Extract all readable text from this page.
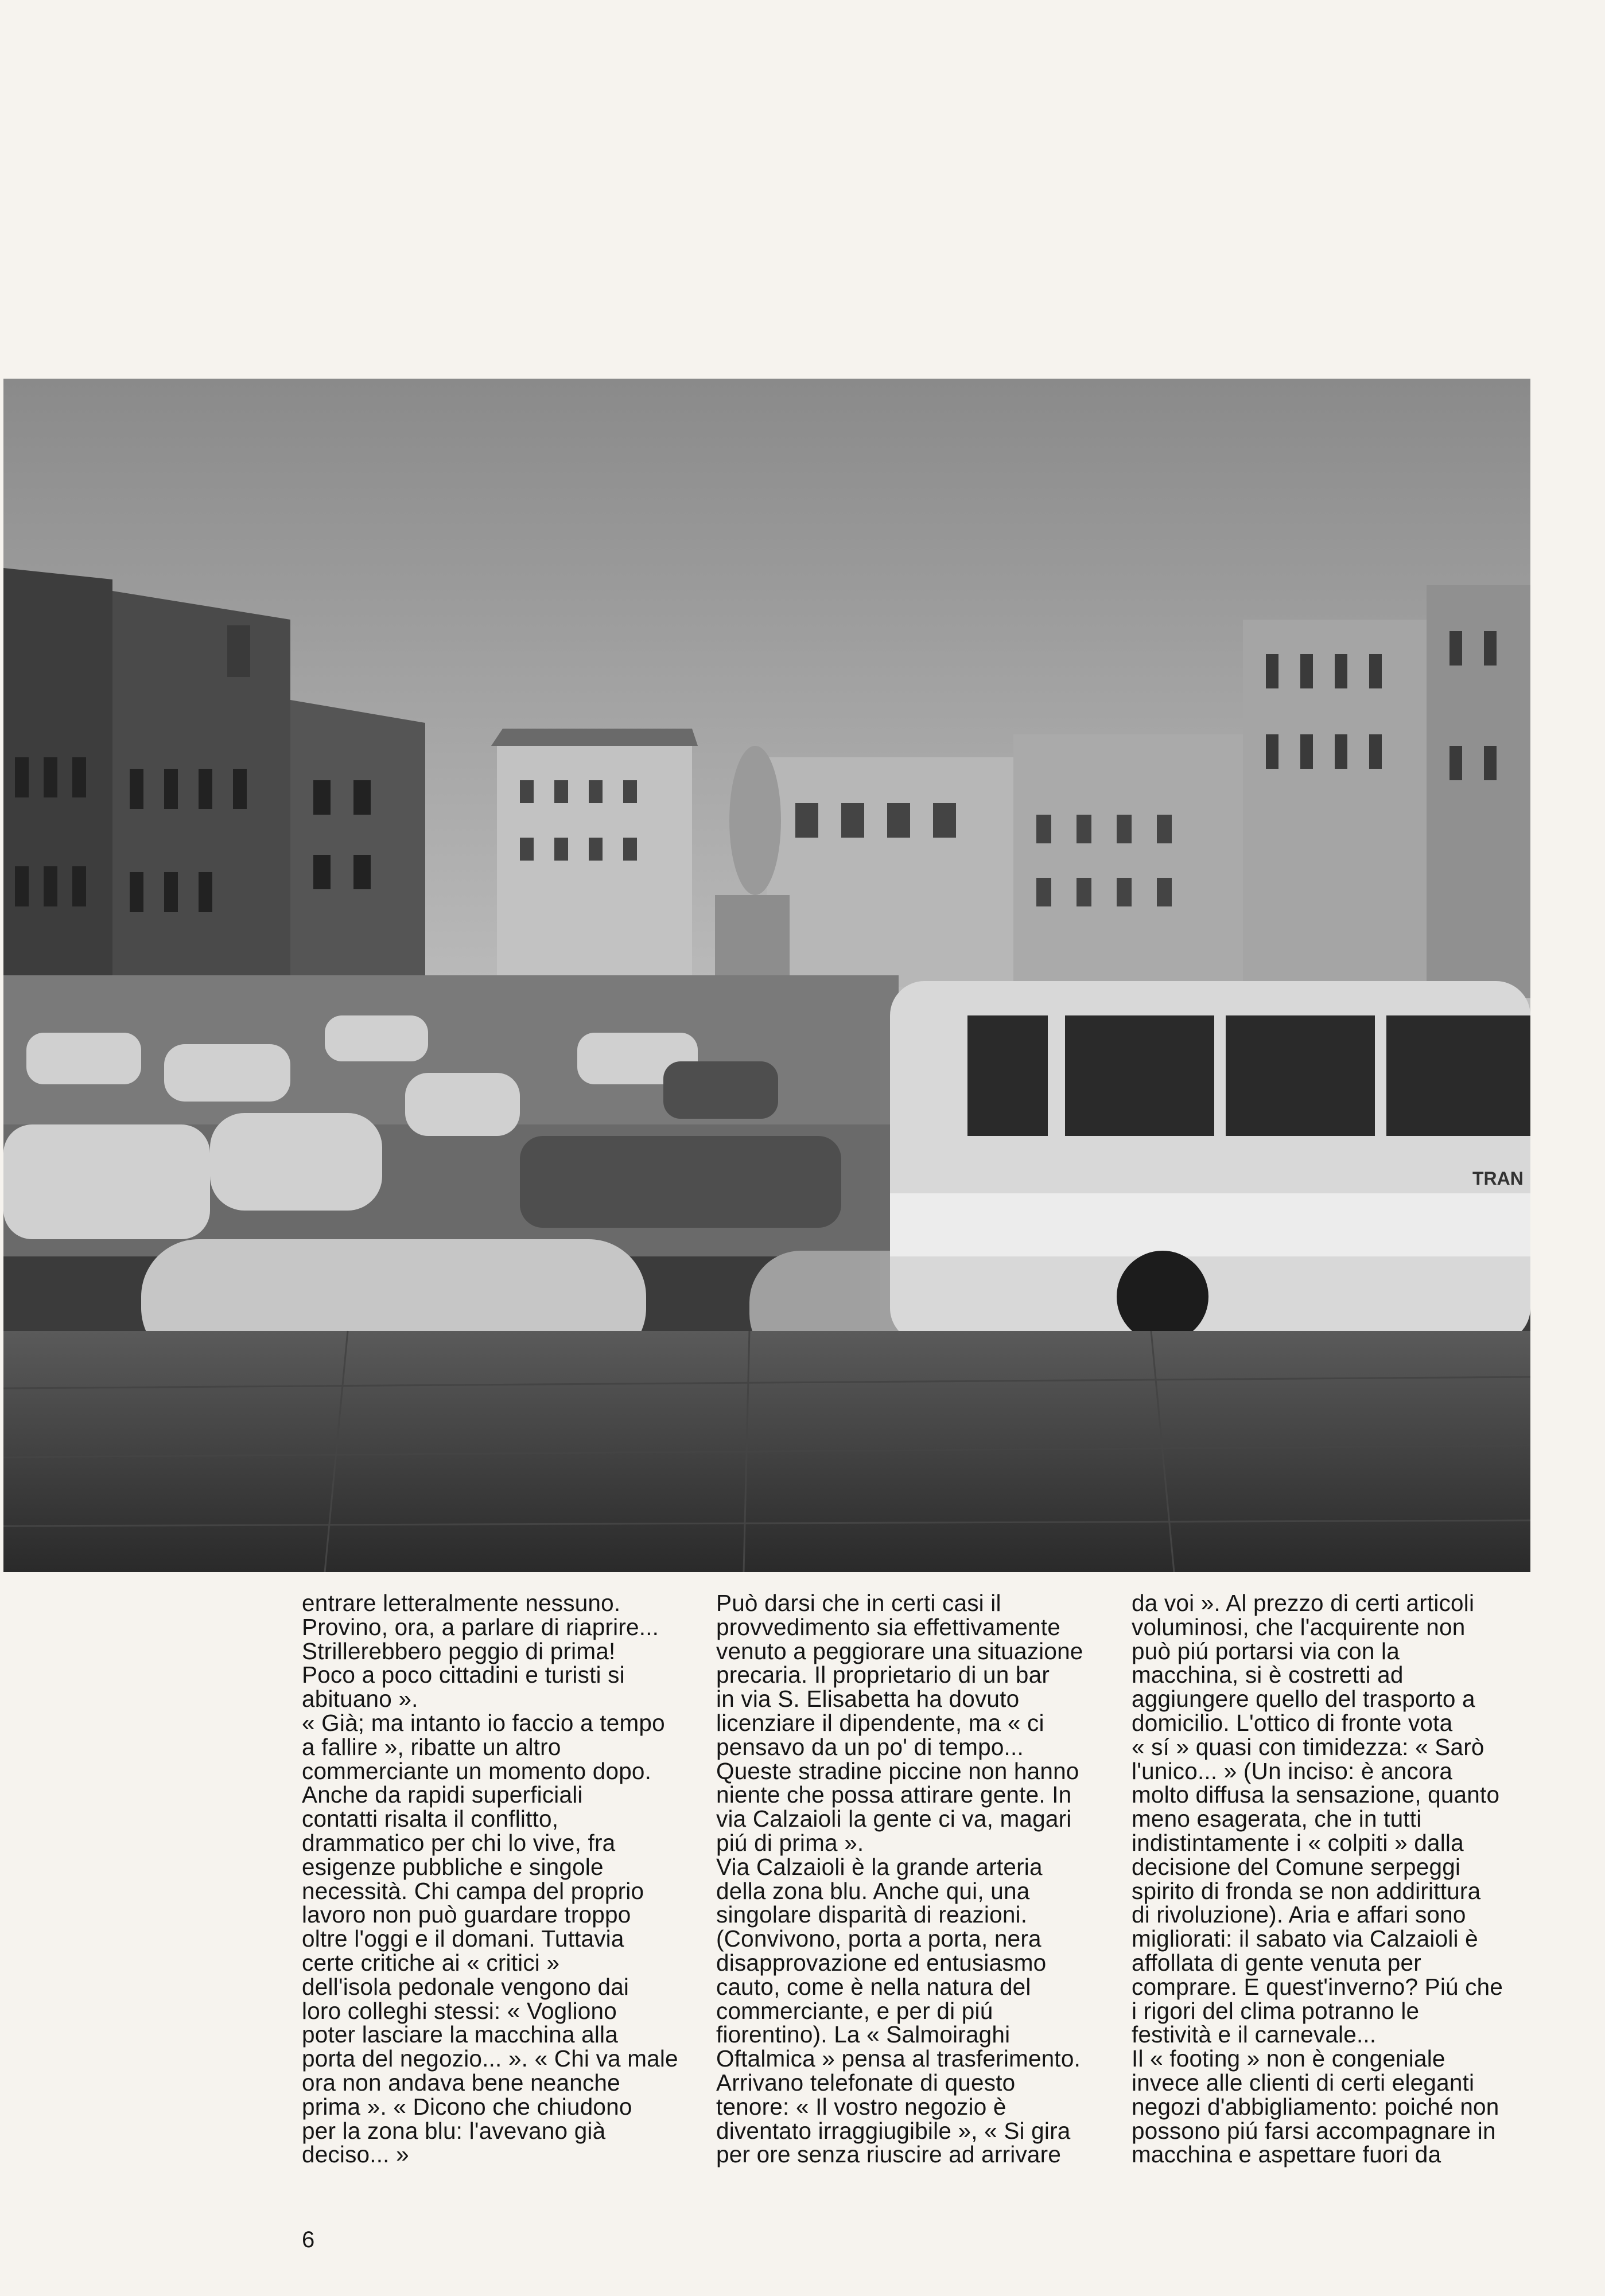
TRAN
entrare letteralmente nessuno.
Provino, ora, a parlare di riaprire...
Strillerebbero peggio di prima!
Poco a poco cittadini e turisti si
abituano ».
« Già; ma intanto io faccio a tempo
a fallire », ribatte un altro
commerciante un momento dopo.
Anche da rapidi superficiali
contatti risalta il conflitto,
drammatico per chi lo vive, fra
esigenze pubbliche e singole
necessità. Chi campa del proprio
lavoro non può guardare troppo
oltre l'oggi e il domani. Tuttavia
certe critiche ai « critici »
dell'isola pedonale vengono dai
loro colleghi stessi: « Vogliono
poter lasciare la macchina alla
porta del negozio... ». « Chi va male
ora non andava bene neanche
prima ». « Dicono che chiudono
per la zona blu: l'avevano già
deciso... »
Può darsi che in certi casi il
provvedimento sia effettivamente
venuto a peggiorare una situazione
precaria. Il proprietario di un bar
in via S. Elisabetta ha dovuto
licenziare il dipendente, ma « ci
pensavo da un po' di tempo...
Queste stradine piccine non hanno
niente che possa attirare gente. In
via Calzaioli la gente ci va, magari
piú di prima ».
Via Calzaioli è la grande arteria
della zona blu. Anche qui, una
singolare disparità di reazioni.
(Convivono, porta a porta, nera
disapprovazione ed entusiasmo
cauto, come è nella natura del
commerciante, e per di piú
fiorentino). La « Salmoiraghi
Oftalmica » pensa al trasferimento.
Arrivano telefonate di questo
tenore: « Il vostro negozio è
diventato irraggiugibile », « Si gira
per ore senza riuscire ad arrivare
da voi ». Al prezzo di certi articoli
voluminosi, che l'acquirente non
può piú portarsi via con la
macchina, si è costretti ad
aggiungere quello del trasporto a
domicilio. L'ottico di fronte vota
« sí » quasi con timidezza: « Sarò
l'unico... » (Un inciso: è ancora
molto diffusa la sensazione, quanto
meno esagerata, che in tutti
indistintamente i « colpiti » dalla
decisione del Comune serpeggi
spirito di fronda se non addirittura
di rivoluzione). Aria e affari sono
migliorati: il sabato via Calzaioli è
affollata di gente venuta per
comprare. E quest'inverno? Piú che
i rigori del clima potranno le
festività e il carnevale...
Il « footing » non è congeniale
invece alle clienti di certi eleganti
negozi d'abbigliamento: poiché non
possono piú farsi accompagnare in
macchina e aspettare fuori da
6
